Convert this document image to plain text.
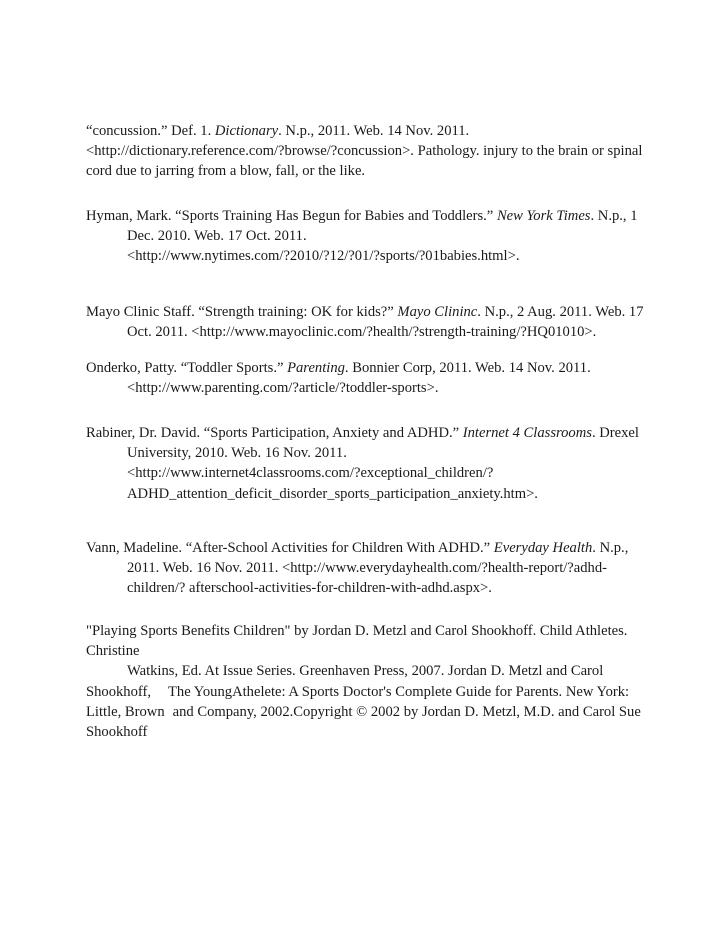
“concussion.” Def. 1. Dictionary. N.p., 2011. Web. 14 Nov. 2011.
<http://dictionary.reference.com/?browse/?concussion>. Pathology. injury to the brain or spinal
cord due to jarring from a blow, fall, or the like.
Hyman, Mark. “Sports Training Has Begun for Babies and Toddlers.” New York Times. N.p., 1
Dec. 2010. Web. 17 Oct. 2011.
<http://www.nytimes.com/?2010/?12/?01/?sports/?01babies.html>.
Mayo Clinic Staff. “Strength training: OK for kids?” Mayo Clininc. N.p., 2 Aug. 2011. Web. 17
Oct. 2011. <http://www.mayoclinic.com/?health/?strength-training/?HQ01010>.
Onderko, Patty. “Toddler Sports.” Parenting. Bonnier Corp, 2011. Web. 14 Nov. 2011.
<http://www.parenting.com/?article/?toddler-sports>.
Rabiner, Dr. David. “Sports Participation, Anxiety and ADHD.” Internet 4 Classrooms. Drexel
University, 2010. Web. 16 Nov. 2011.
<http://www.internet4classrooms.com/?exceptional_children/?
ADHD_attention_deficit_disorder_sports_participation_anxiety.htm>.
Vann, Madeline. “After-School Activities for Children With ADHD.” Everyday Health. N.p.,
2011. Web. 16 Nov. 2011. <http://www.everydayhealth.com/?health-report/?adhd-
children/? afterschool-activities-for-children-with-adhd.aspx>.
"Playing Sports Benefits Children" by Jordan D. Metzl and Carol Shookhoff. Child Athletes.
Christine
Watkins, Ed. At Issue Series. Greenhaven Press, 2007. Jordan D. Metzl and Carol
Shookhoff, The YoungAthelete: A Sports Doctor's Complete Guide for Parents. New York:
Little, Brown and Company, 2002.Copyright © 2002 by Jordan D. Metzl, M.D. and Carol Sue
Shookhoff
